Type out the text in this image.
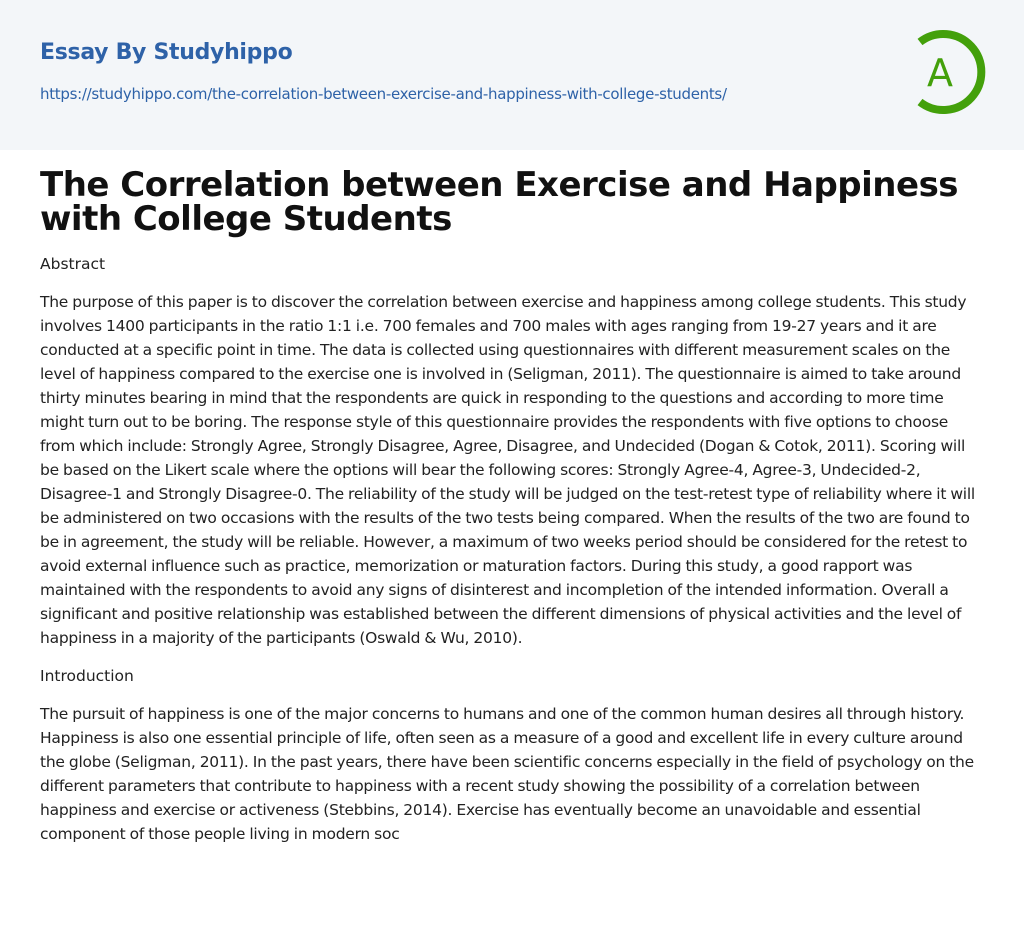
Essay By Studyhippo
https://studyhippo.com/the-correlation-between-exercise-and-happiness-with-college-students/	A
The Correlation between Exercise and Happiness with College Students
Abstract

The purpose of this paper is to discover the correlation between exercise and happiness among college students. This study involves 1400 participants in the ratio 1:1 i.e. 700 females and 700 males with ages ranging from 19-27 years and it are conducted at a specific point in time. The data is collected using questionnaires with different measurement scales on the level of happiness compared to the exercise one is involved in (Seligman, 2011). The questionnaire is aimed to take around thirty minutes bearing in mind that the respondents are quick in responding to the questions and according to more time might turn out to be boring. The response style of this questionnaire provides the respondents with five options to choose from which include: Strongly Agree, Strongly Disagree, Agree, Disagree, and Undecided (Dogan & Cotok, 2011). Scoring will be based on the Likert scale where the options will bear the following scores: Strongly Agree-4, Agree-3, Undecided-2, Disagree-1 and Strongly Disagree-0. The reliability of the study will be judged on the test-retest type of reliability where it will be administered on two occasions with the results of the two tests being compared. When the results of the two are found to be in agreement, the study will be reliable. However, a maximum of two weeks period should be considered for the retest to avoid external influence such as practice, memorization or maturation factors. During this study, a good rapport was maintained with the respondents to avoid any signs of disinterest and incompletion of the intended information. Overall a significant and positive relationship was established between the different dimensions of physical activities and the level of happiness in a majority of the participants (Oswald & Wu, 2010).

Introduction

The pursuit of happiness is one of the major concerns to humans and one of the common human desires all through history. Happiness is also one essential principle of life, often seen as a measure of a good and excellent life in every culture around the globe (Seligman, 2011). In the past years, there have been scientific concerns especially in the field of psychology on the different parameters that contribute to happiness with a recent study showing the possibility of a correlation between happiness and exercise or activeness (Stebbins, 2014). Exercise has eventually become an unavoidable and essential component of those people living in modern soc
